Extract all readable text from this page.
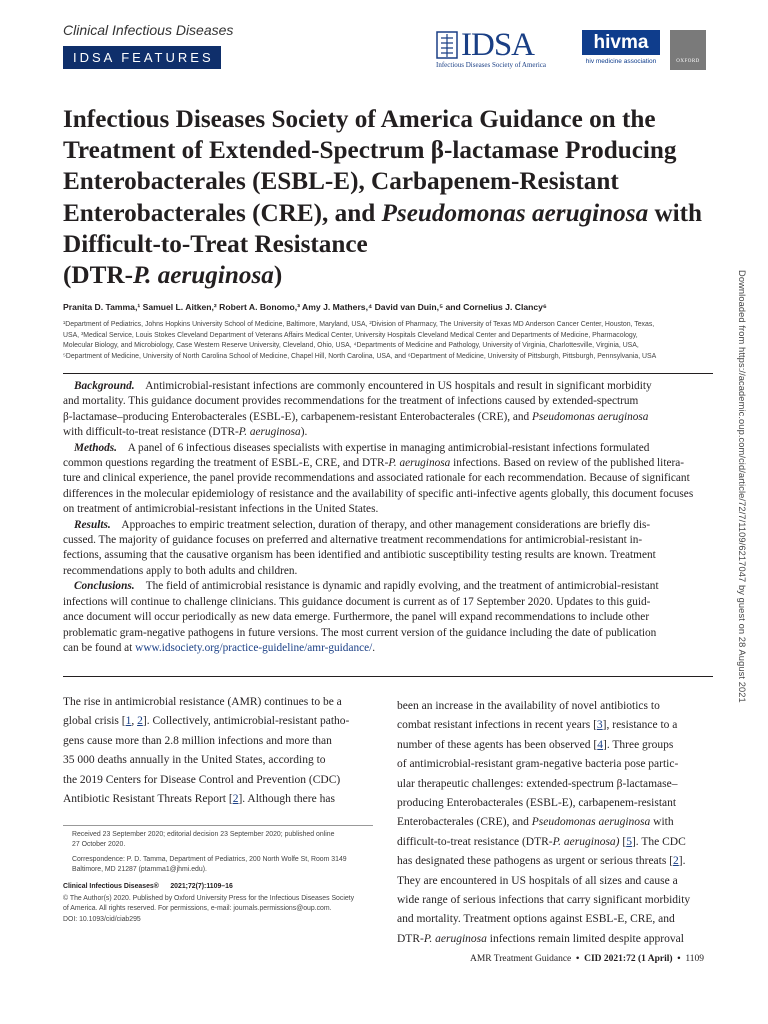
Clinical Infectious Diseases
IDSA FEATURES	IDSA
Infectious Diseases Society of America
hivma
hiv medicine association	OXFORD
Infectious Diseases Society of America Guidance on the
Treatment of Extended-Spectrum β-lactamase Producing
Enterobacterales (ESBL-E), Carbapenem-Resistant
Enterobacterales (CRE), and Pseudomonas aeruginosa with
Difficult-to-Treat Resistance
(DTR-P. aeruginosa)
Pranita D. Tamma,¹ Samuel L. Aitken,² Robert A. Bonomo,³ Amy J. Mathers,⁴ David van Duin,⁵ and Cornelius J. Clancy⁶
¹Department of Pediatrics, Johns Hopkins University School of Medicine, Baltimore, Maryland, USA, ²Division of Pharmacy, The University of Texas MD Anderson Cancer Center, Houston, Texas,
USA, ³Medical Service, Louis Stokes Cleveland Department of Veterans Affairs Medical Center, University Hospitals Cleveland Medical Center and Departments of Medicine, Pharmacology,
Molecular Biology, and Microbiology, Case Western Reserve University, Cleveland, Ohio, USA, ⁴Departments of Medicine and Pathology, University of Virginia, Charlottesville, Virginia, USA,
⁵Department of Medicine, University of North Carolina School of Medicine, Chapel Hill, North Carolina, USA, and ⁶Department of Medicine, University of Pittsburgh, Pittsburgh, Pennsylvania, USA
Background. Antimicrobial-resistant infections are commonly encountered in US hospitals and result in significant morbidity
and mortality. This guidance document provides recommendations for the treatment of infections caused by extended-spectrum
β-lactamase–producing Enterobacterales (ESBL-E), carbapenem-resistant Enterobacterales (CRE), and Pseudomonas aeruginosa
with difficult-to-treat resistance (DTR-P. aeruginosa).
Methods. A panel of 6 infectious diseases specialists with expertise in managing antimicrobial-resistant infections formulated
common questions regarding the treatment of ESBL-E, CRE, and DTR-P. aeruginosa infections. Based on review of the published litera-
ture and clinical experience, the panel provide recommendations and associated rationale for each recommendation. Because of significant
differences in the molecular epidemiology of resistance and the availability of specific anti-infective agents globally, this document focuses
on treatment of antimicrobial-resistant infections in the United States.
Results. Approaches to empiric treatment selection, duration of therapy, and other management considerations are briefly dis-
cussed. The majority of guidance focuses on preferred and alternative treatment recommendations for antimicrobial-resistant in-
fections, assuming that the causative organism has been identified and antibiotic susceptibility testing results are known. Treatment
recommendations apply to both adults and children.
Conclusions. The field of antimicrobial resistance is dynamic and rapidly evolving, and the treatment of antimicrobial-resistant
infections will continue to challenge clinicians. This guidance document is current as of 17 September 2020. Updates to this guid-
ance document will occur periodically as new data emerge. Furthermore, the panel will expand recommendations to include other
problematic gram-negative pathogens in future versions. The most current version of the guidance including the date of publication
can be found at www.idsociety.org/practice-guideline/amr-guidance/.
The rise in antimicrobial resistance (AMR) continues to be a
global crisis [1, 2]. Collectively, antimicrobial-resistant patho-
gens cause more than 2.8 million infections and more than
35 000 deaths annually in the United States, according to
the 2019 Centers for Disease Control and Prevention (CDC)
Antibiotic Resistant Threats Report [2]. Although there has
been an increase in the availability of novel antibiotics to
combat resistant infections in recent years [3], resistance to a
number of these agents has been observed [4]. Three groups
of antimicrobial-resistant gram-negative bacteria pose partic-
ular therapeutic challenges: extended-spectrum β-lactamase–
producing Enterobacterales (ESBL-E), carbapenem-resistant
Enterobacterales (CRE), and Pseudomonas aeruginosa with
difficult-to-treat resistance (DTR-P. aeruginosa) [5]. The CDC
has designated these pathogens as urgent or serious threats [2].
They are encountered in US hospitals of all sizes and cause a
wide range of serious infections that carry significant morbidity
and mortality. Treatment options against ESBL-E, CRE, and
DTR-P. aeruginosa infections remain limited despite approval
Received 23 September 2020; editorial decision 23 September 2020; published online
27 October 2020.
Correspondence: P. D. Tamma, Department of Pediatrics, 200 North Wolfe St, Room 3149
Baltimore, MD 21287 (ptamma1@jhmi.edu).
Clinical Infectious Diseases® 2021;72(7):1109–16
© The Author(s) 2020. Published by Oxford University Press for the Infectious Diseases Society
of America. All rights reserved. For permissions, e-mail: journals.permissions@oup.com.
DOI: 10.1093/cid/ciab295
AMR Treatment Guidance • CID 2021:72 (1 April) • 1109
Downloaded from https://academic.oup.com/cid/article/72/7/1109/6217047 by guest on 28 August 2021
